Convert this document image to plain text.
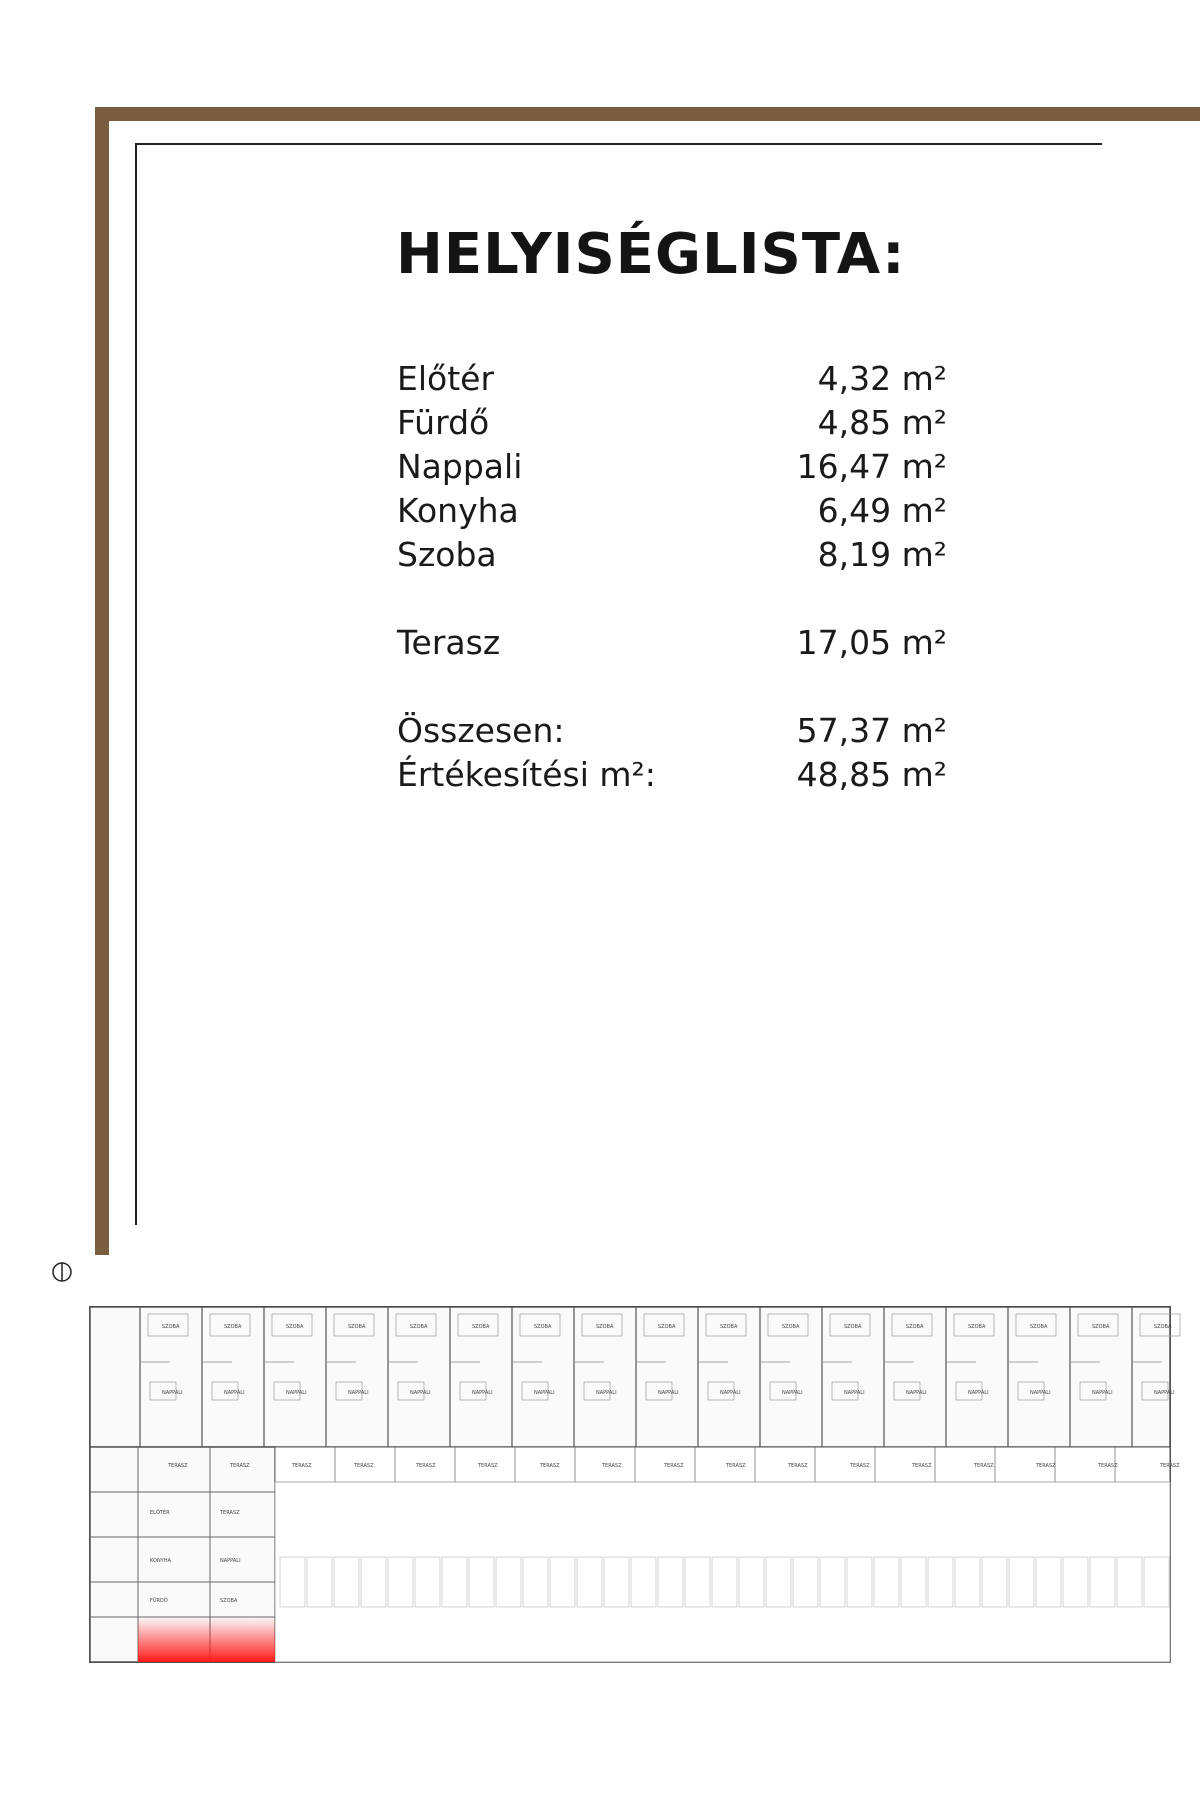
HELYISÉGLISTA:
Előtér	4,32 m²
Fürdő	4,85 m²
Nappali	16,47 m²
Konyha	6,49 m²
Szoba	8,19 m²
Terasz	17,05 m²
Összesen:	57,37 m²
Értékesítési m²:	48,85 m²
SZOBA
NAPPALI
TERASZ
SZOBA
NAPPALI
TERASZ
SZOBA
NAPPALI
TERASZ
SZOBA
NAPPALI
TERASZ
SZOBA
NAPPALI
TERASZ
SZOBA
NAPPALI
TERASZ
SZOBA
NAPPALI
TERASZ
SZOBA
NAPPALI
TERASZ
SZOBA
NAPPALI
TERASZ
SZOBA
NAPPALI
TERASZ
SZOBA
NAPPALI
TERASZ
SZOBA
NAPPALI
TERASZ
SZOBA
NAPPALI
TERASZ
SZOBA
NAPPALI
TERASZ
SZOBA
NAPPALI
TERASZ
SZOBA
NAPPALI
TERASZ
SZOBA
NAPPALI
TERASZ
ELŐTÉR	TERASZ
KONYHA	NAPPALI
FÜRDŐ	SZOBA
